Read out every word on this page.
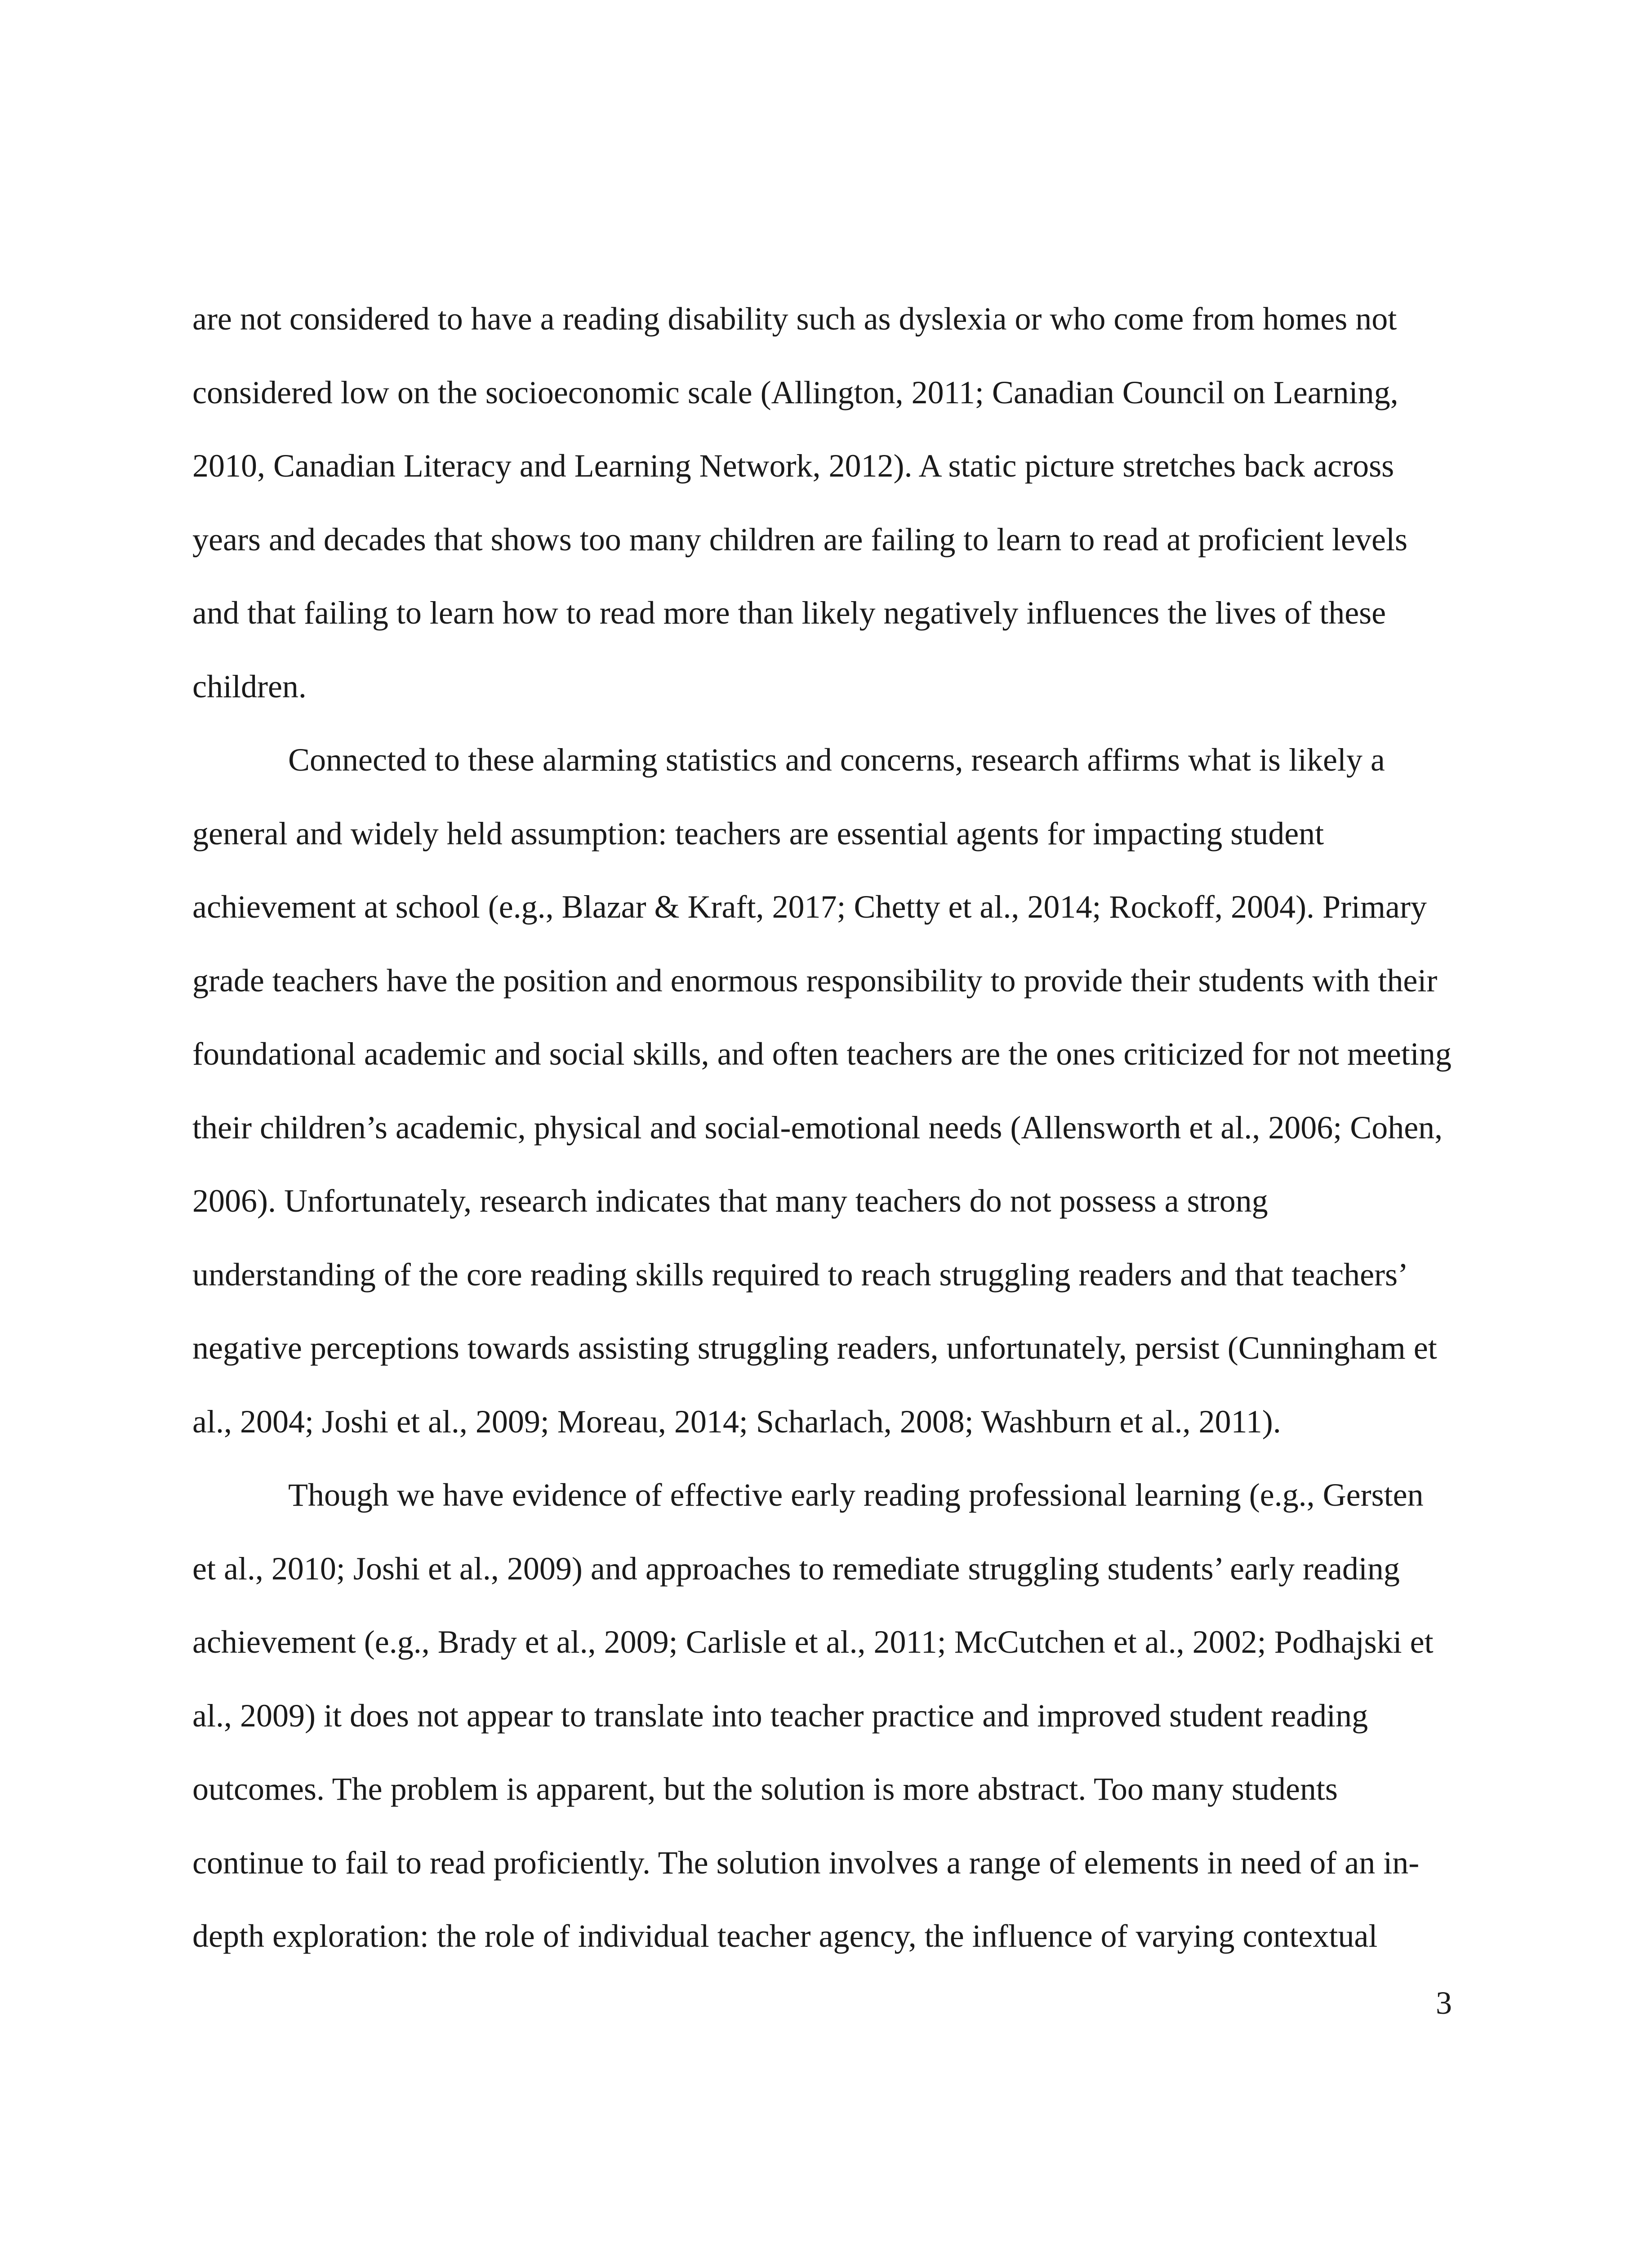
are not considered to have a reading disability such as dyslexia or who come from homes not
considered low on the socioeconomic scale (Allington, 2011; Canadian Council on Learning,
2010, Canadian Literacy and Learning Network, 2012). A static picture stretches back across
years and decades that shows too many children are failing to learn to read at proficient levels
and that failing to learn how to read more than likely negatively influences the lives of these
children.
Connected to these alarming statistics and concerns, research affirms what is likely a
general and widely held assumption: teachers are essential agents for impacting student
achievement at school (e.g., Blazar & Kraft, 2017; Chetty et al., 2014; Rockoff, 2004). Primary
grade teachers have the position and enormous responsibility to provide their students with their
foundational academic and social skills, and often teachers are the ones criticized for not meeting
their children’s academic, physical and social-emotional needs (Allensworth et al., 2006; Cohen,
2006). Unfortunately, research indicates that many teachers do not possess a strong
understanding of the core reading skills required to reach struggling readers and that teachers’
negative perceptions towards assisting struggling readers, unfortunately, persist (Cunningham et
al., 2004; Joshi et al., 2009; Moreau, 2014; Scharlach, 2008; Washburn et al., 2011).
Though we have evidence of effective early reading professional learning (e.g., Gersten
et al., 2010; Joshi et al., 2009) and approaches to remediate struggling students’ early reading
achievement (e.g., Brady et al., 2009; Carlisle et al., 2011; McCutchen et al., 2002; Podhajski et
al., 2009) it does not appear to translate into teacher practice and improved student reading
outcomes. The problem is apparent, but the solution is more abstract. Too many students
continue to fail to read proficiently. The solution involves a range of elements in need of an in-
depth exploration: the role of individual teacher agency, the influence of varying contextual
3
